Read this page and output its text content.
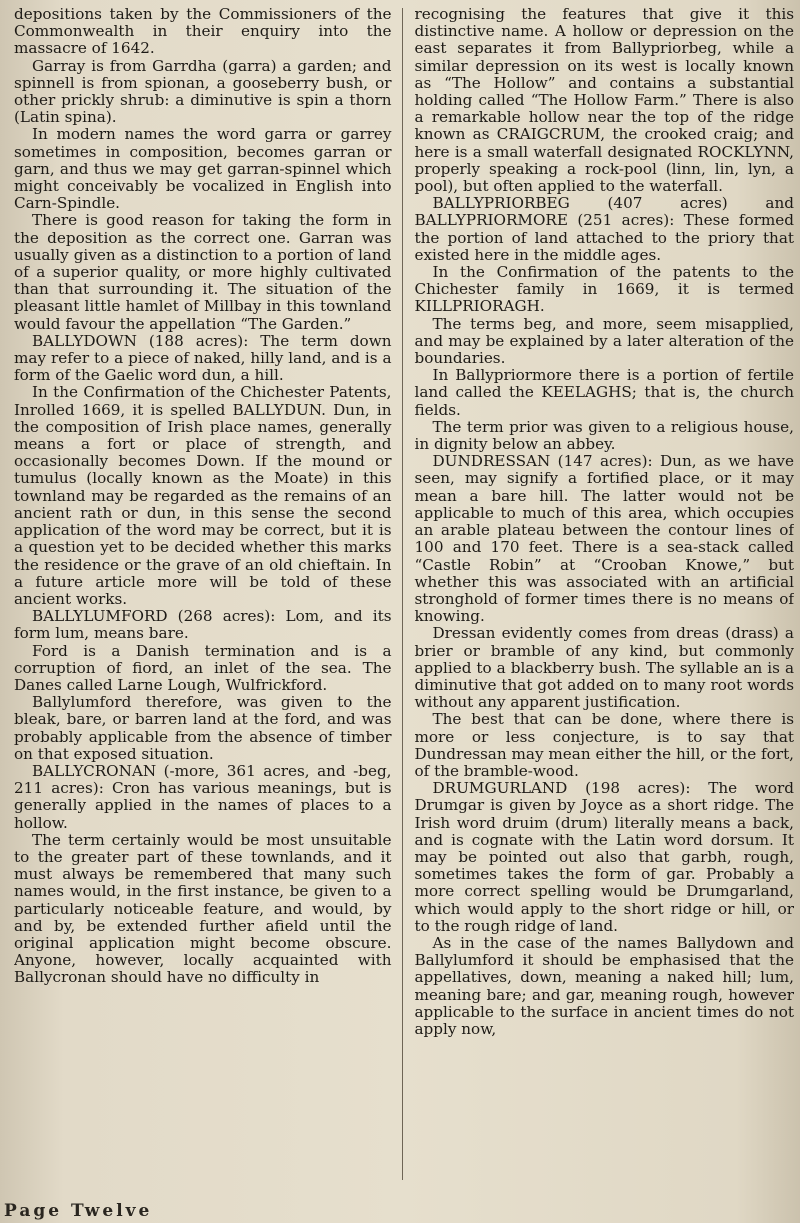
depositions taken by the Commissioners of the Commonwealth in their enquiry into the massacre of 1642.

Garray is from Garrdha (garra) a garden; and spinnell is from spionan, a gooseberry bush, or other prickly shrub: a diminutive is spin a thorn (Latin spina).

In modern names the word garra or garrey sometimes in composition, becomes garran or garn, and thus we may get garran-spinnel which might conceivably be vocalized in English into Carn-Spindle.

There is good reason for taking the form in the deposition as the correct one. Garran was usually given as a distinction to a portion of land of a superior quality, or more highly cultivated than that surrounding it. The situation of the pleasant little hamlet of Millbay in this townland would favour the appellation “The Garden.”

BALLYDOWN (188 acres): The term down may refer to a piece of naked, hilly land, and is a form of the Gaelic word dun, a hill.

In the Confirmation of the Chichester Patents, Inrolled 1669, it is spelled BALLYDUN. Dun, in the composition of Irish place names, generally means a fort or place of strength, and occasionally becomes Down. If the mound or tumulus (locally known as the Moate) in this townland may be regarded as the remains of an ancient rath or dun, in this sense the second application of the word may be correct, but it is a question yet to be decided whether this marks the residence or the grave of an old chieftain. In a future article more will be told of these ancient works.

BALLYLUMFORD (268 acres): Lom, and its form lum, means bare.

Ford is a Danish termination and is a corruption of fiord, an inlet of the sea. The Danes called Larne Lough, Wulfrickford.

Ballylumford therefore, was given to the bleak, bare, or barren land at the ford, and was probably applicable from the absence of timber on that exposed situation.

BALLYCRONAN (-more, 361 acres, and -beg, 211 acres): Cron has various meanings, but is generally applied in the names of places to a hollow.

The term certainly would be most unsuitable to the greater part of these townlands, and it must always be remembered that many such names would, in the first instance, be given to a particularly noticeable feature, and would, by and by, be extended further afield until the original application might become obscure. Anyone, however, locally acquainted with Ballycronan should have no difficulty in

recognising the features that give it this distinctive name. A hollow or depression on the east separates it from Ballypriorbeg, while a similar depression on its west is locally known as “The Hollow” and contains a substantial holding called “The Hollow Farm.” There is also a remarkable hollow near the top of the ridge known as CRAIGCRUM, the crooked craig; and here is a small waterfall designated ROCKLYNN, properly speaking a rock-pool (linn, lin, lyn, a pool), but often applied to the waterfall.

BALLYPRIORBEG (407 acres) and BALLYPRIORMORE (251 acres): These formed the portion of land attached to the priory that existed here in the middle ages.

In the Confirmation of the patents to the Chichester family in 1669, it is termed KILLPRIORAGH.

The terms beg, and more, seem misapplied, and may be explained by a later alteration of the boundaries.

In Ballypriormore there is a portion of fertile land called the KEELAGHS; that is, the church fields.

The term prior was given to a religious house, in dignity below an abbey.

DUNDRESSAN (147 acres): Dun, as we have seen, may signify a fortified place, or it may mean a bare hill. The latter would not be applicable to much of this area, which occupies an arable plateau between the contour lines of 100 and 170 feet. There is a sea-stack called “Castle Robin” at “Crooban Knowe,” but whether this was associated with an artificial stronghold of former times there is no means of knowing.

Dressan evidently comes from dreas (drass) a brier or bramble of any kind, but commonly applied to a blackberry bush. The syllable an is a diminutive that got added on to many root words without any apparent justification.

The best that can be done, where there is more or less conjecture, is to say that Dundressan may mean either the hill, or the fort, of the bramble-wood.

DRUMGURLAND (198 acres): The word Drumgar is given by Joyce as a short ridge. The Irish word druim (drum) literally means a back, and is cognate with the Latin word dorsum. It may be pointed out also that garbh, rough, sometimes takes the form of gar. Probably a more correct spelling would be Drumgarland, which would apply to the short ridge or hill, or to the rough ridge of land.

As in the case of the names Ballydown and Ballylumford it should be emphasised that the appellatives, down, meaning a naked hill; lum, meaning bare; and gar, meaning rough, however applicable to the surface in ancient times do not apply now,

Page Twelve
